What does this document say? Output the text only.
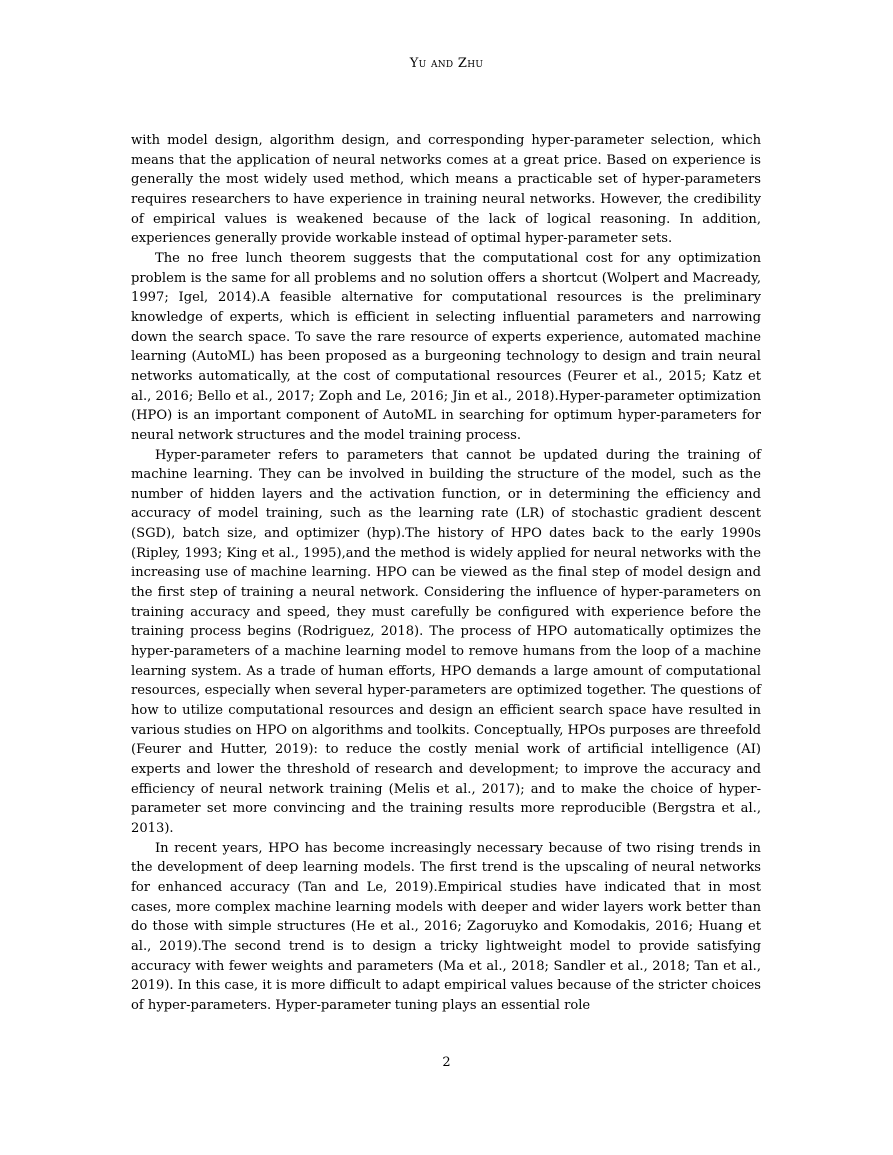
Yu and Zhu

with model design, algorithm design, and corresponding hyper-parameter selection, which means that the application of neural networks comes at a great price. Based on experience is generally the most widely used method, which means a practicable set of hyper-parameters requires researchers to have experience in training neural networks. However, the credibility of empirical values is weakened because of the lack of logical reasoning. In addition, experiences generally provide workable instead of optimal hyper-parameter sets.

The no free lunch theorem suggests that the computational cost for any optimization problem is the same for all problems and no solution offers a shortcut (Wolpert and Macready, 1997; Igel, 2014).A feasible alternative for computational resources is the preliminary knowledge of experts, which is efficient in selecting influential parameters and narrowing down the search space. To save the rare resource of experts experience, automated machine learning (AutoML) has been proposed as a burgeoning technology to design and train neural networks automatically, at the cost of computational resources (Feurer et al., 2015; Katz et al., 2016; Bello et al., 2017; Zoph and Le, 2016; Jin et al., 2018).Hyper-parameter optimization (HPO) is an important component of AutoML in searching for optimum hyper-parameters for neural network structures and the model training process.

Hyper-parameter refers to parameters that cannot be updated during the training of machine learning. They can be involved in building the structure of the model, such as the number of hidden layers and the activation function, or in determining the efficiency and accuracy of model training, such as the learning rate (LR) of stochastic gradient descent (SGD), batch size, and optimizer (hyp).The history of HPO dates back to the early 1990s (Ripley, 1993; King et al., 1995),and the method is widely applied for neural networks with the increasing use of machine learning. HPO can be viewed as the final step of model design and the first step of training a neural network. Considering the influence of hyper-parameters on training accuracy and speed, they must carefully be configured with experience before the training process begins (Rodriguez, 2018). The process of HPO automatically optimizes the hyper-parameters of a machine learning model to remove humans from the loop of a machine learning system. As a trade of human efforts, HPO demands a large amount of computational resources, especially when several hyper-parameters are optimized together. The questions of how to utilize computational resources and design an efficient search space have resulted in various studies on HPO on algorithms and toolkits. Conceptually, HPOs purposes are threefold (Feurer and Hutter, 2019): to reduce the costly menial work of artificial intelligence (AI) experts and lower the threshold of research and development; to improve the accuracy and efficiency of neural network training (Melis et al., 2017); and to make the choice of hyper-parameter set more convincing and the training results more reproducible (Bergstra et al., 2013).

In recent years, HPO has become increasingly necessary because of two rising trends in the development of deep learning models. The first trend is the upscaling of neural networks for enhanced accuracy (Tan and Le, 2019).Empirical studies have indicated that in most cases, more complex machine learning models with deeper and wider layers work better than do those with simple structures (He et al., 2016; Zagoruyko and Komodakis, 2016; Huang et al., 2019).The second trend is to design a tricky lightweight model to provide satisfying accuracy with fewer weights and parameters (Ma et al., 2018; Sandler et al., 2018; Tan et al., 2019). In this case, it is more difficult to adapt empirical values because of the stricter choices of hyper-parameters. Hyper-parameter tuning plays an essential role

2
